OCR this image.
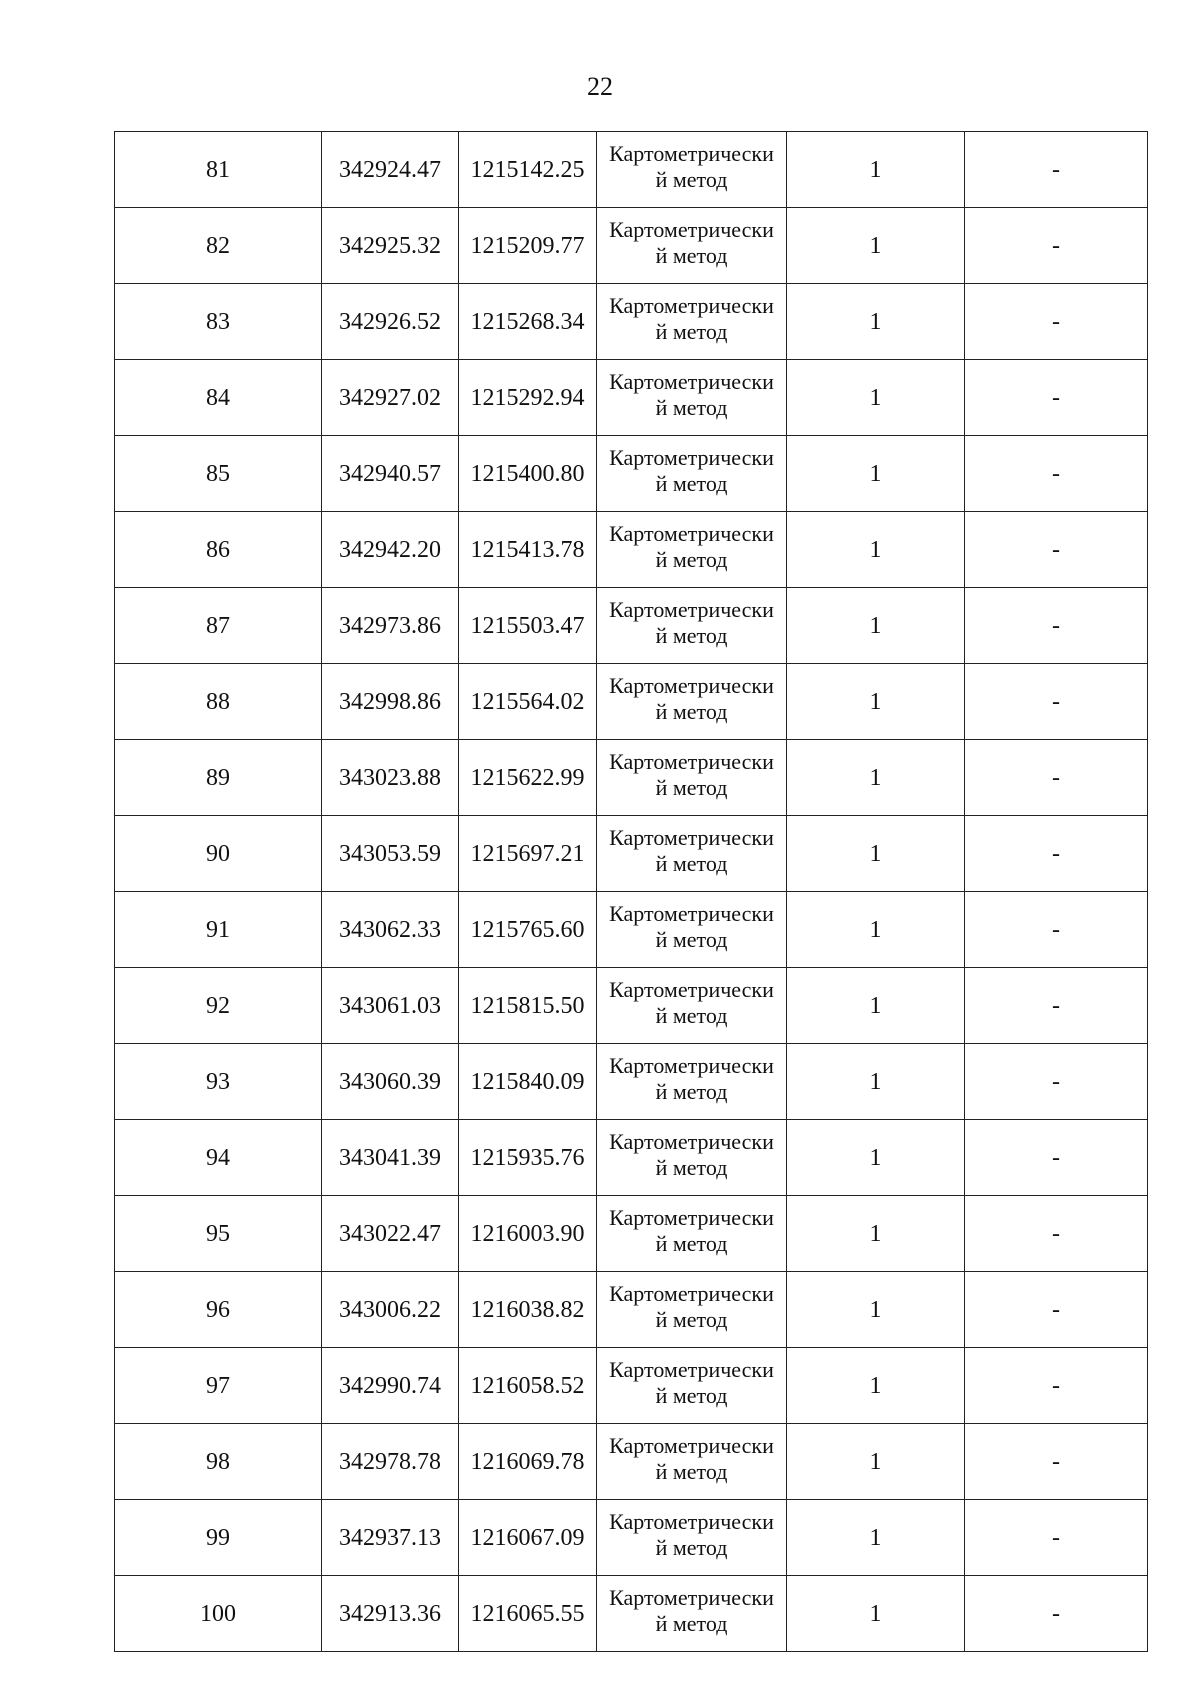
22
81	342924.47	1215142.25	Картометрически
й метод	1	-
82	342925.32	1215209.77	Картометрически
й метод	1	-
83	342926.52	1215268.34	Картометрически
й метод	1	-
84	342927.02	1215292.94	Картометрически
й метод	1	-
85	342940.57	1215400.80	Картометрически
й метод	1	-
86	342942.20	1215413.78	Картометрически
й метод	1	-
87	342973.86	1215503.47	Картометрически
й метод	1	-
88	342998.86	1215564.02	Картометрически
й метод	1	-
89	343023.88	1215622.99	Картометрически
й метод	1	-
90	343053.59	1215697.21	Картометрически
й метод	1	-
91	343062.33	1215765.60	Картометрически
й метод	1	-
92	343061.03	1215815.50	Картометрически
й метод	1	-
93	343060.39	1215840.09	Картометрически
й метод	1	-
94	343041.39	1215935.76	Картометрически
й метод	1	-
95	343022.47	1216003.90	Картометрически
й метод	1	-
96	343006.22	1216038.82	Картометрически
й метод	1	-
97	342990.74	1216058.52	Картометрически
й метод	1	-
98	342978.78	1216069.78	Картометрически
й метод	1	-
99	342937.13	1216067.09	Картометрически
й метод	1	-
100	342913.36	1216065.55	Картометрически
й метод	1	-
